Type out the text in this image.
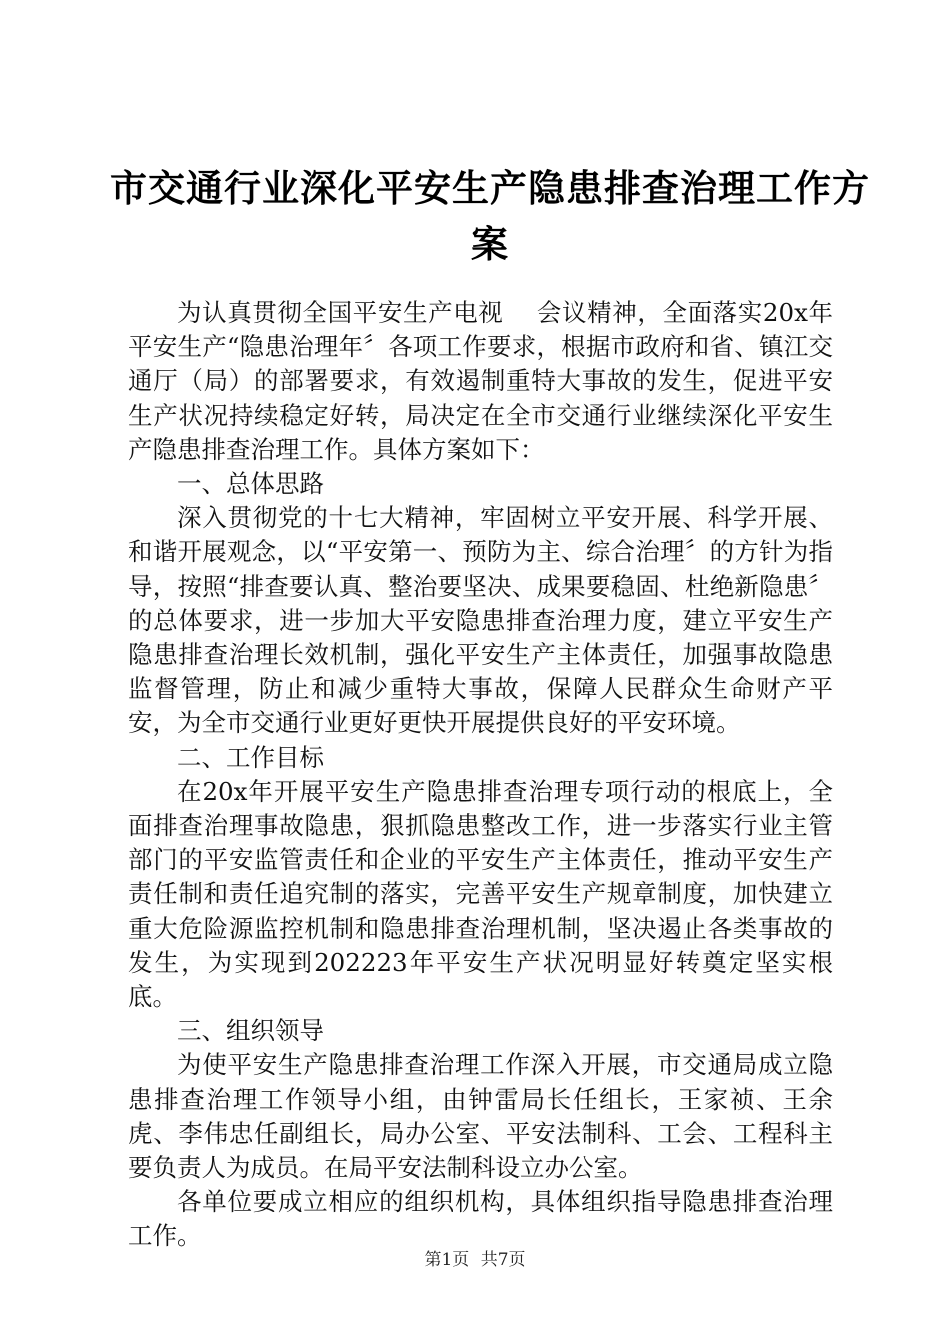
市交通行业深化平安生产隐患排查治理工作方案

为认真贯彻全国平安生产电视　 会议精神，全面落实20x年平安生产“隐患治理年〞各项工作要求，根据市政府和省、镇江交通厅（局）的部署要求，有效遏制重特大事故的发生，促进平安生产状况持续稳定好转，局决定在全市交通行业继续深化平安生产隐患排查治理工作。具体方案如下：

一、总体思路

深入贯彻党的十七大精神，牢固树立平安开展、科学开展、和谐开展观念，以“平安第一、预防为主、综合治理〞的方针为指导，按照“排查要认真、整治要坚决、成果要稳固、杜绝新隐患〞的总体要求，进一步加大平安隐患排查治理力度，建立平安生产隐患排查治理长效机制，强化平安生产主体责任，加强事故隐患监督管理，防止和减少重特大事故，保障人民群众生命财产平安，为全市交通行业更好更快开展提供良好的平安环境。

二、工作目标

在20x年开展平安生产隐患排查治理专项行动的根底上，全面排查治理事故隐患，狠抓隐患整改工作，进一步落实行业主管部门的平安监管责任和企业的平安生产主体责任，推动平安生产责任制和责任追究制的落实，完善平安生产规章制度，加快建立重大危险源监控机制和隐患排查治理机制，坚决遏止各类事故的发生，为实现到202223年平安生产状况明显好转奠定坚实根底。

三、组织领导

为使平安生产隐患排查治理工作深入开展，市交通局成立隐患排查治理工作领导小组，由钟雷局长任组长，王家祯、王余虎、李伟忠任副组长，局办公室、平安法制科、工会、工程科主要负责人为成员。在局平安法制科设立办公室。

各单位要成立相应的组织机构，具体组织指导隐患排查治理工作。

第1页 共7页
